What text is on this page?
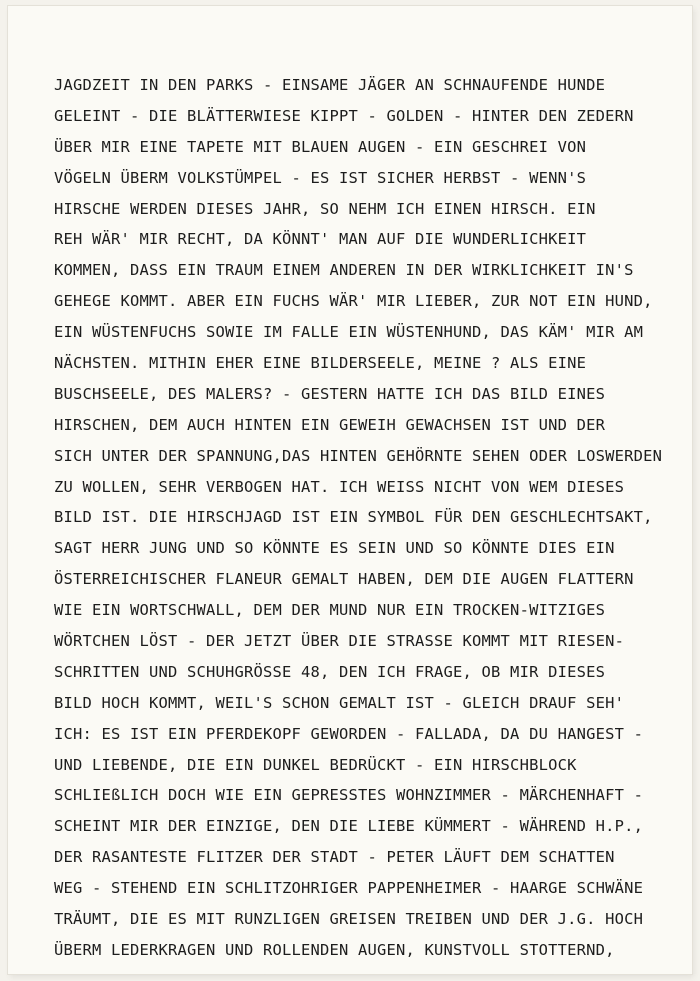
JAGDZEIT IN DEN PARKS - EINSAME JÄGER AN SCHNAUFENDE HUNDE
GELEINT - DIE BLÄTTERWIESE KIPPT - GOLDEN - HINTER DEN ZEDERN
ÜBER MIR EINE TAPETE MIT BLAUEN AUGEN - EIN GESCHREI VON
VÖGELN ÜBERM VOLKSTÜMPEL - ES IST SICHER HERBST - WENN'S
HIRSCHE WERDEN DIESES JAHR, SO NEHM ICH EINEN HIRSCH. EIN
REH WÄR' MIR RECHT, DA KÖNNT' MAN AUF DIE WUNDERLICHKEIT
KOMMEN, DASS EIN TRAUM EINEM ANDEREN IN DER WIRKLICHKEIT IN'S
GEHEGE KOMMT. ABER EIN FUCHS WÄR' MIR LIEBER, ZUR NOT EIN HUND,
EIN WÜSTENFUCHS SOWIE IM FALLE EIN WÜSTENHUND, DAS KÄM' MIR AM
NÄCHSTEN. MITHIN EHER EINE BILDERSEELE, MEINE ? ALS EINE
BUSCHSEELE, DES MALERS? - GESTERN HATTE ICH DAS BILD EINES
HIRSCHEN, DEM AUCH HINTEN EIN GEWEIH GEWACHSEN IST UND DER
SICH UNTER DER SPANNUNG,DAS HINTEN GEHÖRNTE SEHEN ODER LOSWERDEN
ZU WOLLEN, SEHR VERBOGEN HAT. ICH WEISS NICHT VON WEM DIESES
BILD IST. DIE HIRSCHJAGD IST EIN SYMBOL FÜR DEN GESCHLECHTSAKT,
SAGT HERR JUNG UND SO KÖNNTE ES SEIN UND SO KÖNNTE DIES EIN
ÖSTERREICHISCHER FLANEUR GEMALT HABEN, DEM DIE AUGEN FLATTERN
WIE EIN WORTSCHWALL, DEM DER MUND NUR EIN TROCKEN-WITZIGES
WÖRTCHEN LÖST - DER JETZT ÜBER DIE STRASSE KOMMT MIT RIESEN-
SCHRITTEN UND SCHUHGRÖSSE 48, DEN ICH FRAGE, OB MIR DIESES
BILD HOCH KOMMT, WEIL'S SCHON GEMALT IST - GLEICH DRAUF SEH'
ICH: ES IST EIN PFERDEKOPF GEWORDEN - FALLADA, DA DU HANGEST -
UND LIEBENDE, DIE EIN DUNKEL BEDRÜCKT - EIN HIRSCHBLOCK
SCHLIEßLICH DOCH WIE EIN GEPRESSTES WOHNZIMMER - MÄRCHENHAFT -
SCHEINT MIR DER EINZIGE, DEN DIE LIEBE KÜMMERT - WÄHREND H.P.,
DER RASANTESTE FLITZER DER STADT - PETER LÄUFT DEM SCHATTEN
WEG - STEHEND EIN SCHLITZOHRIGER PAPPENHEIMER - HAARGE SCHWÄNE
TRÄUMT, DIE ES MIT RUNZLIGEN GREISEN TREIBEN UND DER J.G. HOCH
ÜBERM LEDERKRAGEN UND ROLLENDEN AUGEN, KUNSTVOLL STOTTERND,
